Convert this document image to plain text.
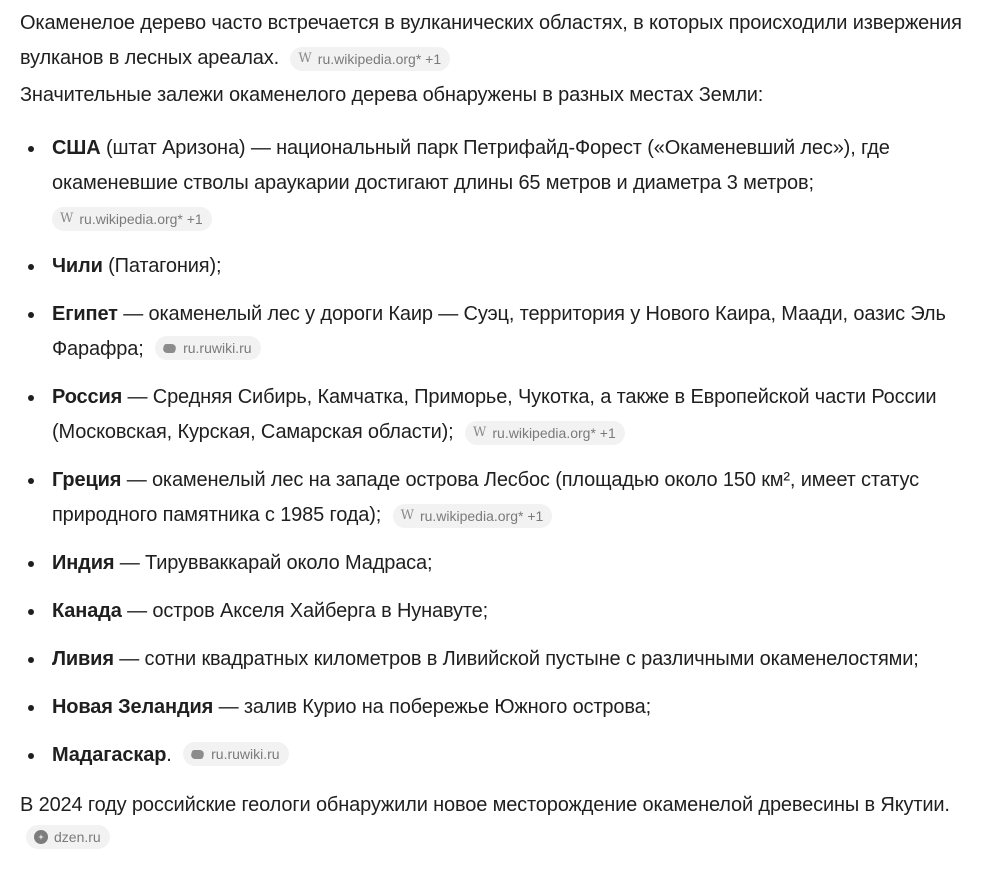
Окаменелое дерево часто встречается в вулканических областях, в которых происходили извержения вулканов в лесных ареалах. W ru.wikipedia.org* +1

Значительные залежи окаменелого дерева обнаружены в разных местах Земли:

США (штат Аризона) — национальный парк Петрифайд-Форест («Окаменевший лес»), где окаменевшие стволы араукарии достигают длины 65 метров и диаметра 3 метров;

W ru.wikipedia.org* +1
Чили (Патагония);
Египет — окаменелый лес у дороги Каир — Суэц, территория у Нового Каира, Маади, оазис Эль Фарафра;	ru.ruwiki.ru
Россия — Средняя Сибирь, Камчатка, Приморье, Чукотка, а также в Европейской части России (Московская, Курская, Самарская области); W ru.wikipedia.org* +1
Греция — окаменелый лес на западе острова Лесбос (площадью около 150 км², имеет статус природного памятника с 1985 года); W ru.wikipedia.org* +1
Индия — Тирувваккарай около Мадраса;
Канада — остров Акселя Хайберга в Нунавуте;
Ливия — сотни квадратных километров в Ливийской пустыне с различными окаменелостями;
Новая Зеландия — залив Курио на побережье Южного острова;
Мадагаскар.	ru.ruwiki.ru

В 2024 году российские геологи обнаружили новое месторождение окаменелой древесины в Якутии.
dzen.ru
